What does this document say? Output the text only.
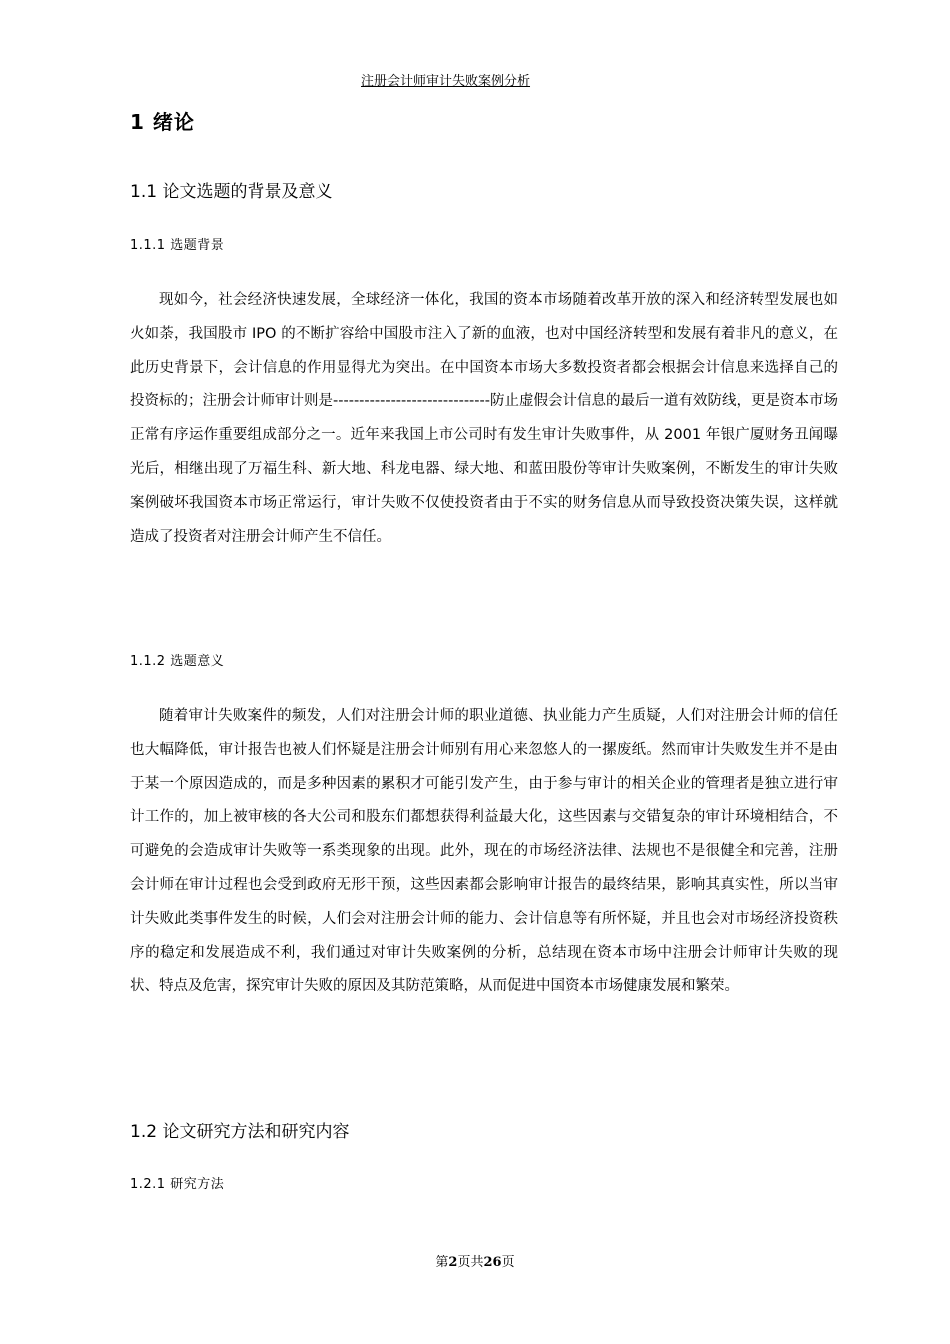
注册会计师审计失败案例分析
1 绪论
1.1 论文选题的背景及意义
1.1.1 选题背景
现如今，社会经济快速发展，全球经济一体化，我国的资本市场随着改革开放的深入和经济转型发展也如火如荼，我国股市 IPO 的不断扩容给中国股市注入了新的血液，也对中国经济转型和发展有着非凡的意义，在此历史背景下，会计信息的作用显得尤为突出。在中国资本市场大多数投资者都会根据会计信息来选择自己的投资标的；注册会计师审计则是------------------------------防止虚假会计信息的最后一道有效防线，更是资本市场正常有序运作重要组成部分之一。近年来我国上市公司时有发生审计失败事件，从 2001 年银广厦财务丑闻曝光后，相继出现了万福生科、新大地、科龙电器、绿大地、和蓝田股份等审计失败案例，不断发生的审计失败案例破坏我国资本市场正常运行，审计失败不仅使投资者由于不实的财务信息从而导致投资决策失误，这样就造成了投资者对注册会计师产生不信任。
1.1.2 选题意义
随着审计失败案件的频发，人们对注册会计师的职业道德、执业能力产生质疑，人们对注册会计师的信任也大幅降低，审计报告也被人们怀疑是注册会计师别有用心来忽悠人的一摞废纸。然而审计失败发生并不是由于某一个原因造成的，而是多种因素的累积才可能引发产生，由于参与审计的相关企业的管理者是独立进行审计工作的，加上被审核的各大公司和股东们都想获得利益最大化，这些因素与交错复杂的审计环境相结合，不可避免的会造成审计失败等一系类现象的出现。此外，现在的市场经济法律、法规也不是很健全和完善，注册会计师在审计过程也会受到政府无形干预，这些因素都会影响审计报告的最终结果，影响其真实性，所以当审计失败此类事件发生的时候，人们会对注册会计师的能力、会计信息等有所怀疑，并且也会对市场经济投资秩序的稳定和发展造成不利，我们通过对审计失败案例的分析，总结现在资本市场中注册会计师审计失败的现状、特点及危害，探究审计失败的原因及其防范策略，从而促进中国资本市场健康发展和繁荣。
1.2 论文研究方法和研究内容
1.2.1 研究方法
第2页共26页
